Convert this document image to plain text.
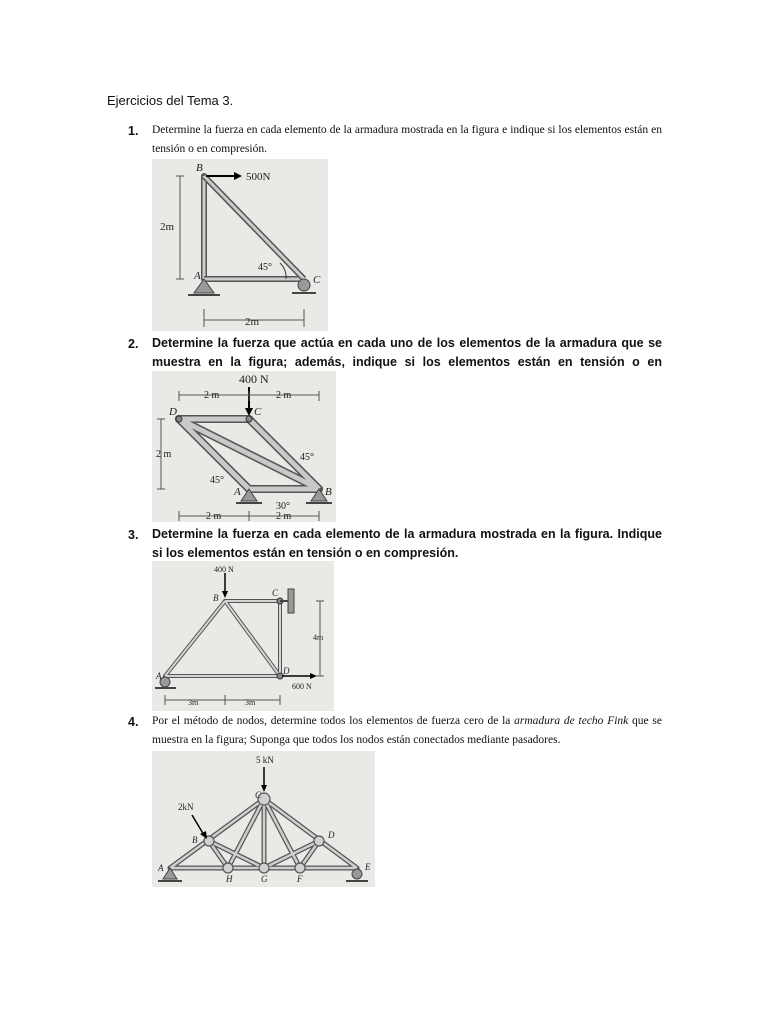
Ejercicios del Tema 3.
1. Determine la fuerza en cada elemento de la armadura mostrada en la figura e indique si los elementos están en tensión o en compresión.
B
A	C
500N
2m
2m
45°
2. Determine la fuerza que actúa en cada uno de los elementos de la armadura que se muestra en la figura; además, indique si los elementos están en tensión o en
400 N
2 m	2 m
2 m
D	C
A	B
45°
45°
30°
2 m	2 m
3. Determine la fuerza en cada elemento de la armadura mostrada en la figura. Indique si los elementos están en tensión o en compresión.
400 N
B	C
A	D
4m
600 N
3m	3m
4. Por el método de nodos, determine todos los elementos de fuerza cero de la armadura de techo Fink que se muestra en la figura; Suponga que todos los nodos están conectados mediante pasadores.
5 kN
2kN
A
B
C
D
E
F
G
H
